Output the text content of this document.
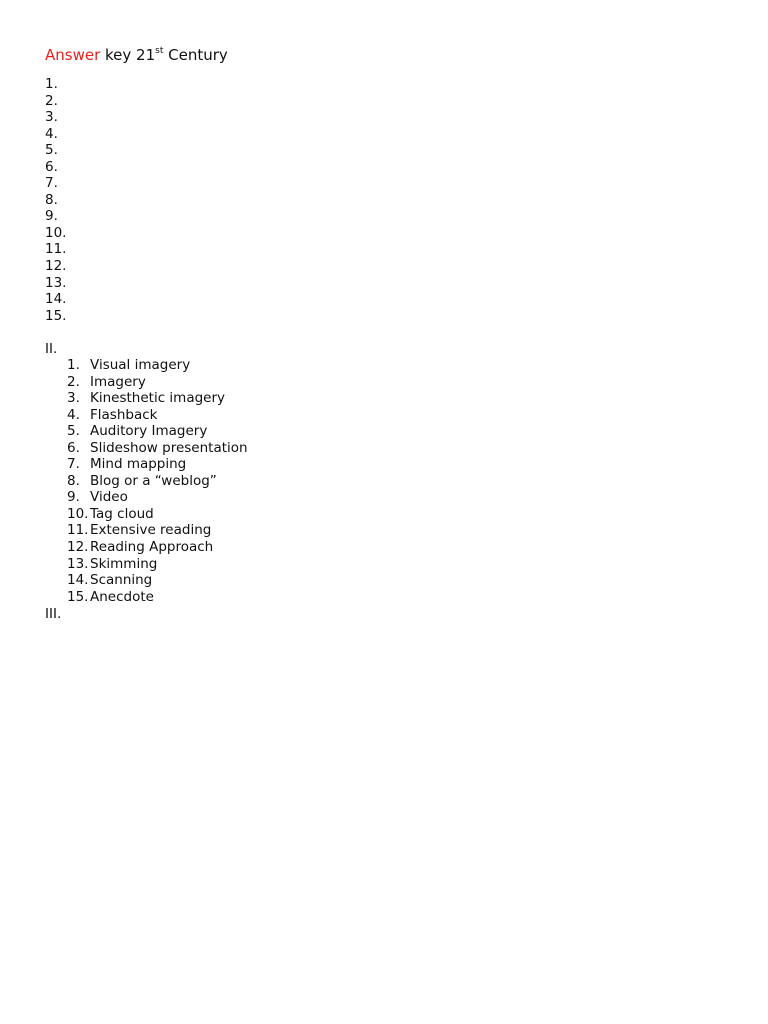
Answer key 21st Century
1.
2.
3.
4.
5.
6.
7.
8.
9.
10.
11.
12.
13.
14.
15.
II.
1. Visual imagery
2. Imagery
3. Kinesthetic imagery
4. Flashback
5. Auditory Imagery
6. Slideshow presentation
7. Mind mapping
8. Blog or a “weblog”
9. Video
10. Tag cloud
11. Extensive reading
12. Reading Approach
13. Skimming
14. Scanning
15. Anecdote
III.
